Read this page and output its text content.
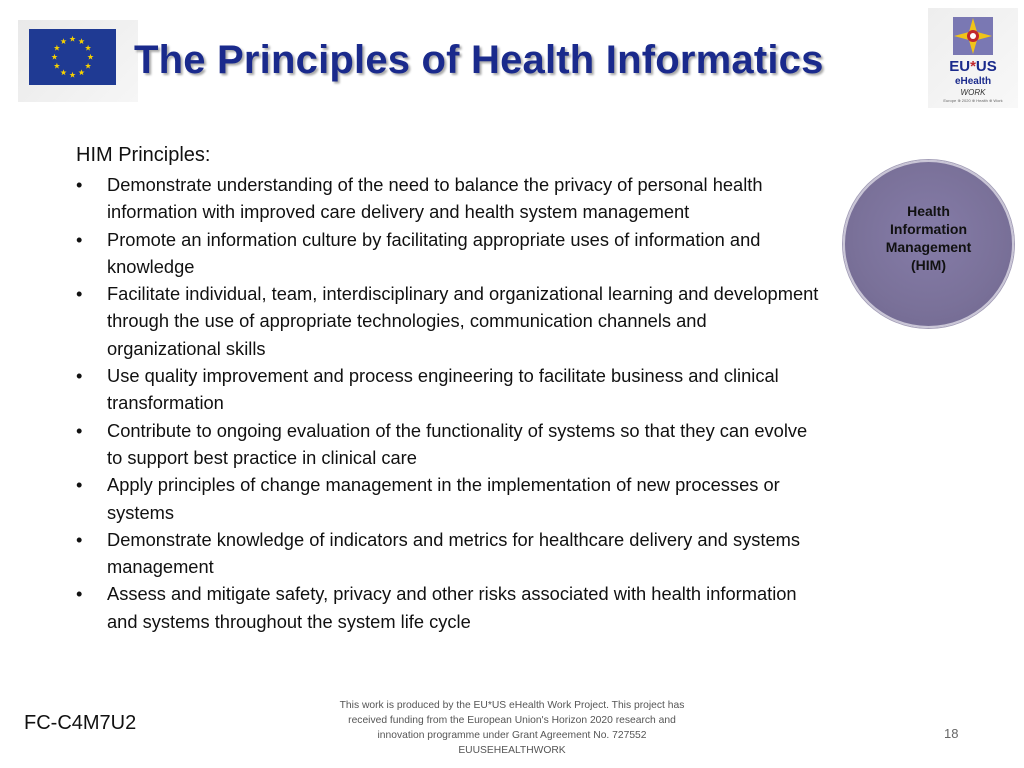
The Principles of Health Informatics	EU*US
eHealth
WORK
Europe ⊕ 2020 ⊕ Health ⊕ Work
HIM Principles:
• Demonstrate understanding of the need to balance the privacy of personal health information with improved care delivery and health system management
• Promote an information culture by facilitating appropriate uses of information and knowledge
• Facilitate individual, team, interdisciplinary and organizational learning and development through the use of appropriate technologies, communication channels and organizational skills
• Use quality improvement and process engineering to facilitate business and clinical transformation
• Contribute to ongoing evaluation of the functionality of systems so that they can evolve to support best practice in clinical care
• Apply principles of change management in the implementation of new processes or systems
• Demonstrate knowledge of indicators and metrics for healthcare delivery and systems management
• Assess and mitigate safety, privacy and other risks associated with health information and systems throughout the system life cycle
Health
Information
Management
(HIM)
FC-C4M7U2
This work is produced by the EU*US eHealth Work Project. This project has
received funding from the European Union's Horizon 2020 research and
innovation programme under Grant Agreement No. 727552
EUUSEHEALTHWORK
18
